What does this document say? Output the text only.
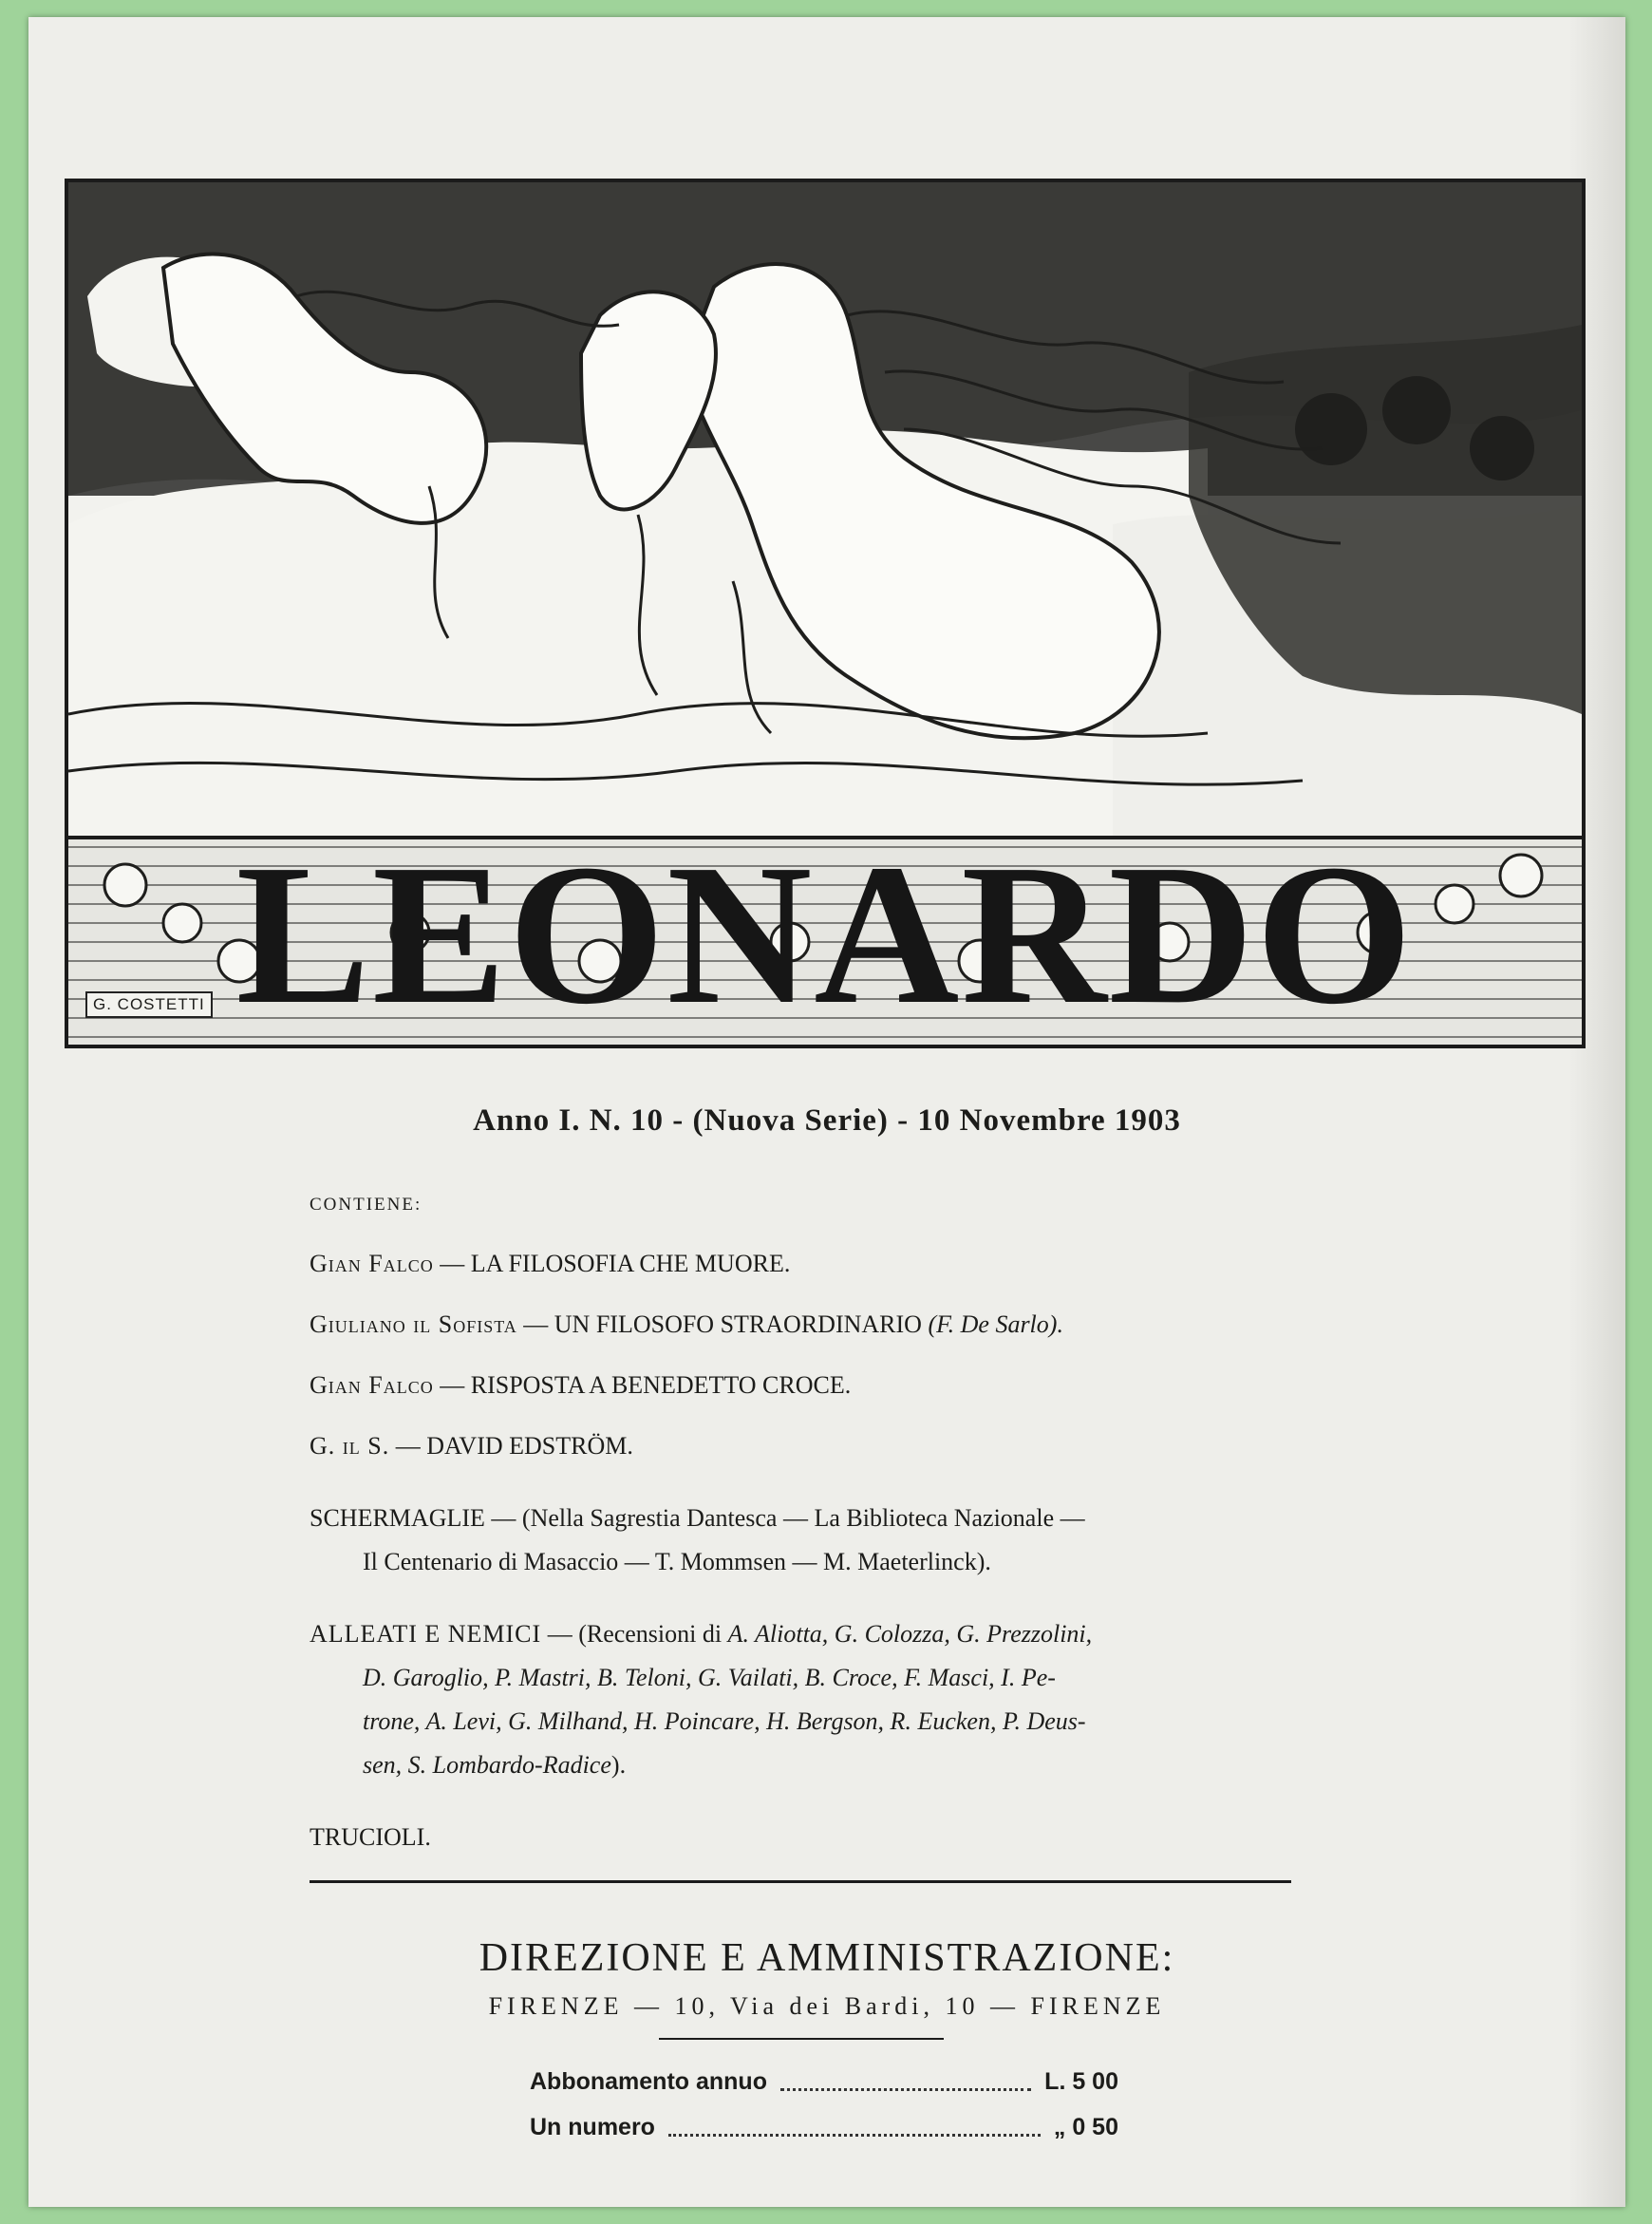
LEONARDO
G. COSTETTI
Anno I. N. 10 - (Nuova Serie) - 10 Novembre 1903
CONTIENE:
Gian Falco — LA FILOSOFIA CHE MUORE.
Giuliano il Sofista — UN FILOSOFO STRAORDINARIO (F. De Sarlo).
Gian Falco — RISPOSTA A BENEDETTO CROCE.
G. il S. — DAVID EDSTRÖM.
SCHERMAGLIE — (Nella Sagrestia Dantesca — La Biblioteca Nazionale —
Il Centenario di Masaccio — T. Mommsen — M. Maeterlinck).
ALLEATI E NEMICI — (Recensioni di A. Aliotta, G. Colozza, G. Prezzolini,
D. Garoglio, P. Mastri, B. Teloni, G. Vailati, B. Croce, F. Masci, I. Pe-
trone, A. Levi, G. Milhand, H. Poincare, H. Bergson, R. Eucken, P. Deus-
sen, S. Lombardo-Radice).
TRUCIOLI.
DIREZIONE E AMMINISTRAZIONE:
FIRENZE — 10, Via dei Bardi, 10 — FIRENZE
Abbonamento annuo	L. 5 00
Un numero	„ 0 50
